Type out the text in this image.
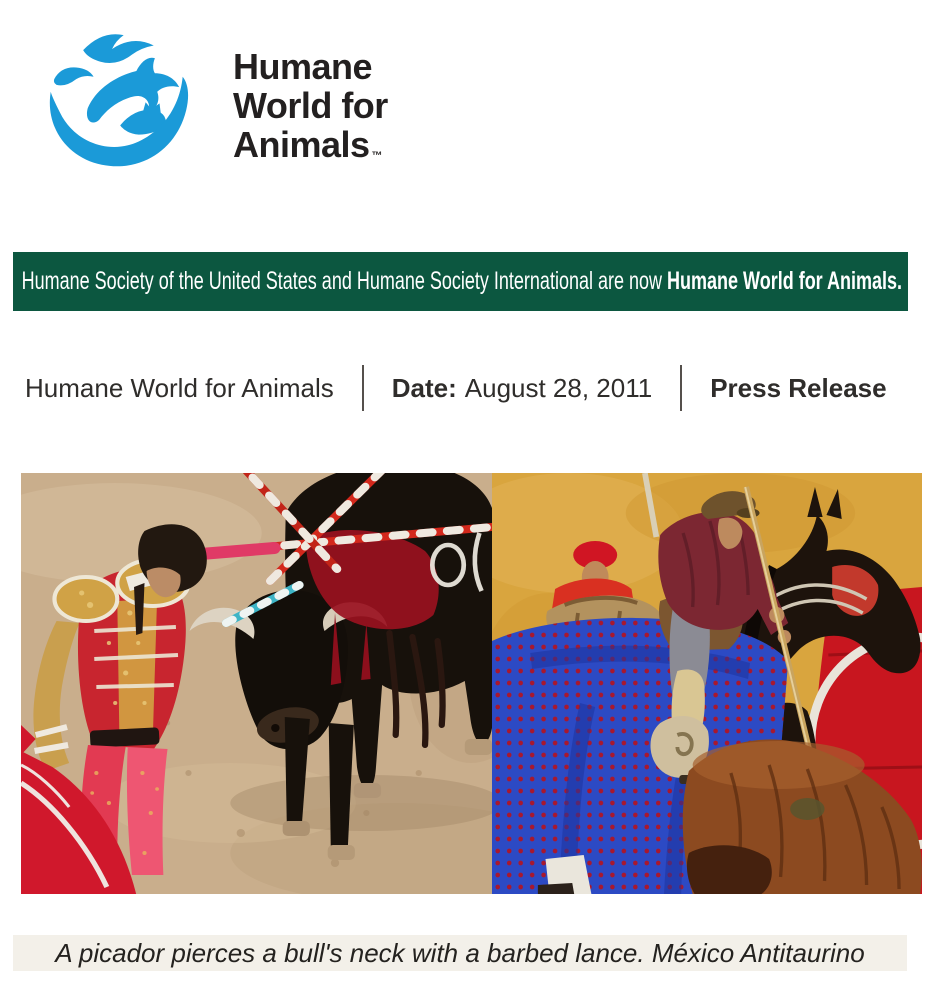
Humane
World for
Animals ™
Humane Society of the United States and Humane Society International are now Humane World for Animals.
Humane World for Animals Date: August 28, 2011 Press Release
A picador pierces a bull's neck with a barbed lance. México Antitaurino
